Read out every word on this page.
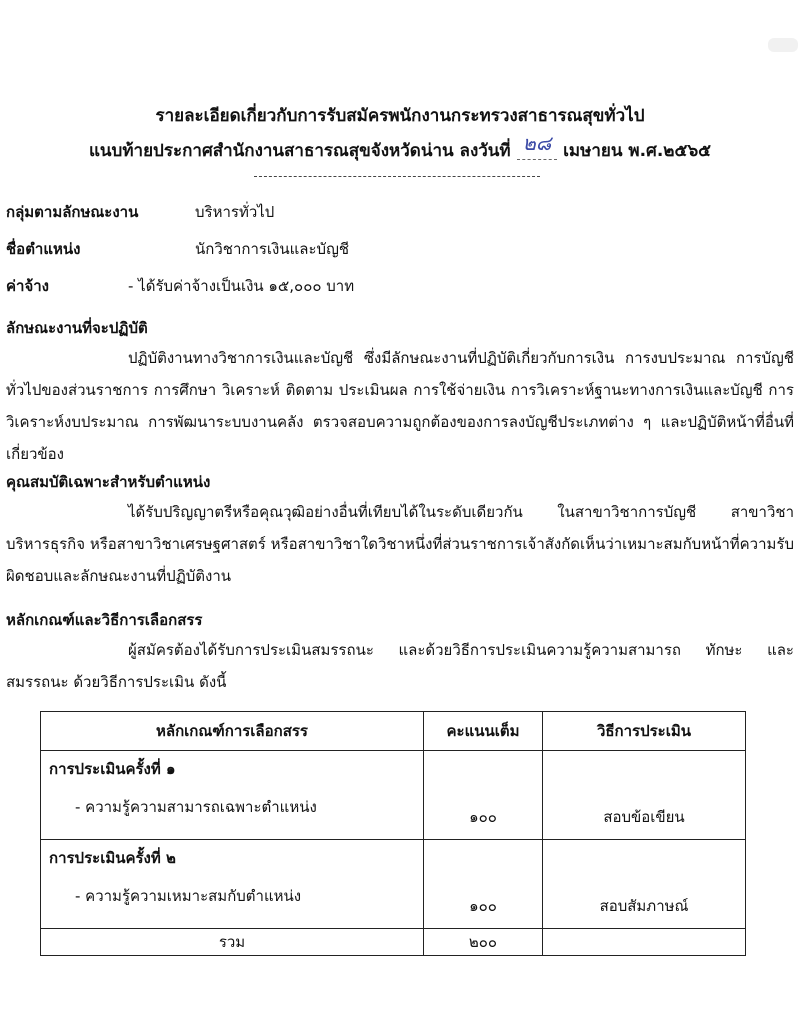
รายละเอียดเกี่ยวกับการรับสมัครพนักงานกระทรวงสาธารณสุขทั่วไป
แนบท้ายประกาศสำนักงานสาธารณสุขจังหวัดน่าน ลงวันที่ ๒๘ เมษายน พ.ศ.๒๕๖๕
กลุ่มตามลักษณะงาน	บริหารทั่วไป
ชื่อตำแหน่ง	นักวิชาการเงินและบัญชี
ค่าจ้าง	- ได้รับค่าจ้างเป็นเงิน ๑๕,๐๐๐ บาท
ลักษณะงานที่จะปฏิบัติ
ปฏิบัติงานทางวิชาการเงินและบัญชี ซึ่งมีลักษณะงานที่ปฏิบัติเกี่ยวกับการเงิน การงบประมาณ การบัญชีทั่วไปของส่วนราชการ การศึกษา วิเคราะห์ ติดตาม ประเมินผล การใช้จ่ายเงิน การวิเคราะห์ฐานะทางการเงินและบัญชี การวิเคราะห์งบประมาณ การพัฒนาระบบงานคลัง ตรวจสอบความถูกต้องของการลงบัญชีประเภทต่าง ๆ และปฏิบัติหน้าที่อื่นที่เกี่ยวข้อง
คุณสมบัติเฉพาะสำหรับตำแหน่ง
ได้รับปริญญาตรีหรือคุณวุฒิอย่างอื่นที่เทียบได้ในระดับเดียวกัน ในสาขาวิชาการบัญชี สาขาวิชาบริหารธุรกิจ หรือสาขาวิชาเศรษฐศาสตร์ หรือสาขาวิชาใดวิชาหนึ่งที่ส่วนราชการเจ้าสังกัดเห็นว่าเหมาะสมกับหน้าที่ความรับผิดชอบและลักษณะงานที่ปฏิบัติงาน
หลักเกณฑ์และวิธีการเลือกสรร
ผู้สมัครต้องได้รับการประเมินสมรรถนะ และด้วยวิธีการประเมินความรู้ความสามารถ ทักษะ และสมรรถนะ ด้วยวิธีการประเมิน ดังนี้
หลักเกณฑ์การเลือกสรร	คะแนนเต็ม	วิธีการประเมิน

การประเมินครั้งที่ ๑
- ความรู้ความสามารถเฉพาะตำแหน่ง	๑๐๐	สอบข้อเขียน

การประเมินครั้งที่ ๒
- ความรู้ความเหมาะสมกับตำแหน่ง	๑๐๐	สอบสัมภาษณ์
รวม	๒๐๐	
